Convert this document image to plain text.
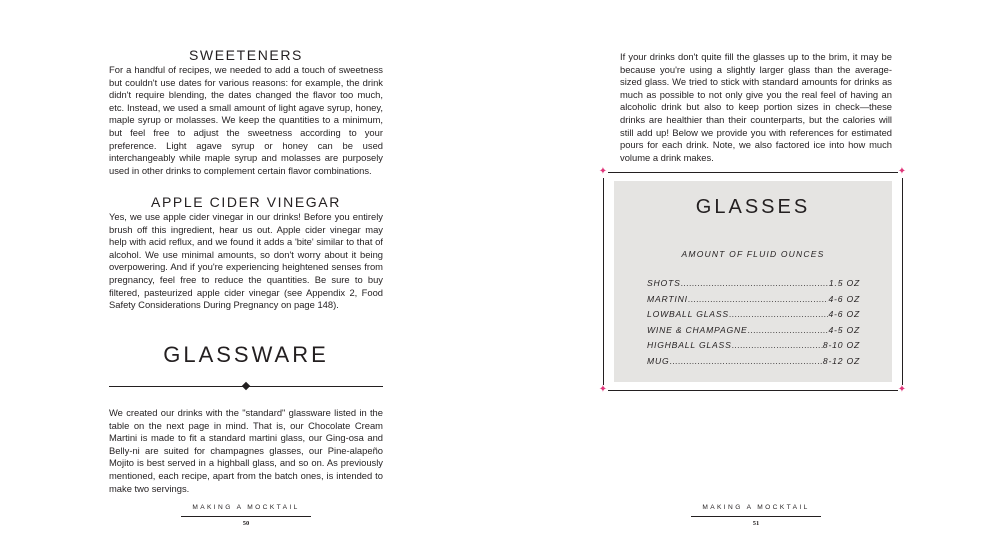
SWEETENERS

For a handful of recipes, we needed to add a touch of sweetness but couldn't use dates for various reasons: for example, the drink didn't require blending, the dates changed the flavor too much, etc. Instead, we used a small amount of light agave syrup, honey, maple syrup or molasses. We keep the quantities to a minimum, but feel free to adjust the sweetness according to your preference. Light agave syrup or honey can be used interchangeably while maple syrup and molasses are purposely used in other drinks to complement certain flavor combinations.

APPLE CIDER VINEGAR

Yes, we use apple cider vinegar in our drinks! Before you entirely brush off this ingredient, hear us out. Apple cider vinegar may help with acid reflux, and we found it adds a 'bite' similar to that of alcohol. We use minimal amounts, so don't worry about it being overpowering. And if you're experiencing heightened senses from pregnancy, feel free to reduce the quantities. Be sure to buy filtered, pasteurized apple cider vinegar (see Appendix 2, Food Safety Considerations During Pregnancy on page 148).

GLASSWARE

We created our drinks with the "standard" glassware listed in the table on the next page in mind. That is, our Chocolate Cream Martini is made to fit a standard martini glass, our Ging-osa and Belly-ni are suited for champagnes glasses, our Pine-alapeño Mojito is best served in a highball glass, and so on. As previously mentioned, each recipe, apart from the batch ones, is intended to make two servings.

MAKING A MOCKTAIL
50

If your drinks don't quite fill the glasses up to the brim, it may be because you're using a slightly larger glass than the average-sized glass. We tried to stick with standard amounts for drinks as much as possible to not only give you the real feel of having an alcoholic drink but also to keep portion sizes in check—these drinks are healthier than their counterparts, but the calories will still add up! Below we provide you with references for estimated pours for each drink. Note, we also factored ice into how much volume a drink makes.

✦	✦
✦	✦
GLASSES
AMOUNT OF FLUID OUNCES
SHOTS .....	1.5 OZ
MARTINI .....	4-6 OZ
LOWBALL GLASS .....	4-6 OZ
WINE & CHAMPAGNE .....	4-5 OZ
HIGHBALL GLASS .....	8-10 OZ
MUG .....	8-12 OZ
MAKING A MOCKTAIL
51
